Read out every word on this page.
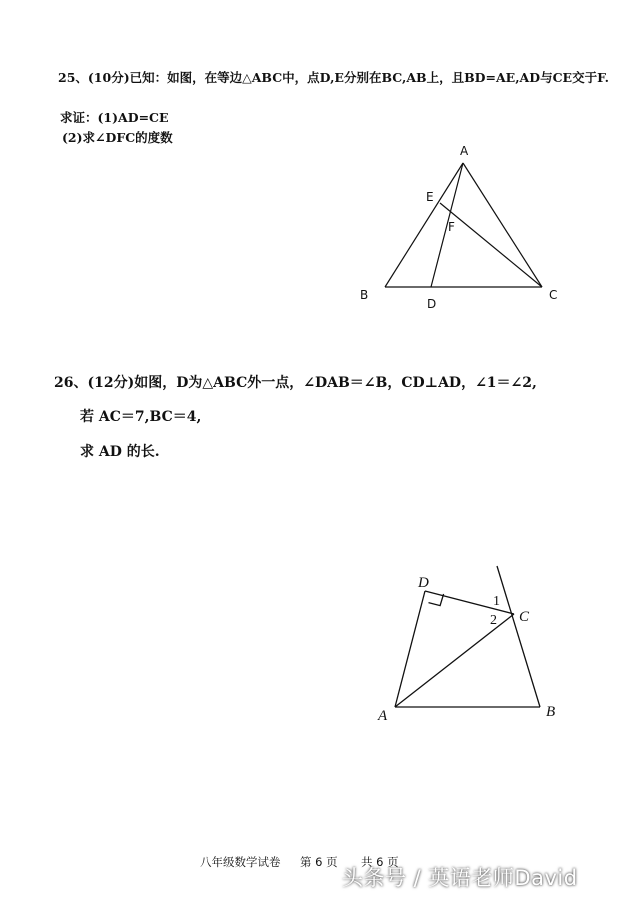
25、(10分)已知：如图，在等边△ABC中，点D,E分别在BC,AB上，且BD=AE,AD与CE交于F.
求证：(1)AD=CE
(2)求∠DFC的度数
A
E
F
B
D
C
26、(12分)如图，D为△ABC外一点，∠DAB＝∠B，CD⊥AD，∠1＝∠2,
若 AC＝7,BC＝4,
求 AD 的长.
D
C
A	B
1
2
八年级数学试卷 第 6 页 共 6 页
头条号 / 英语老师David
